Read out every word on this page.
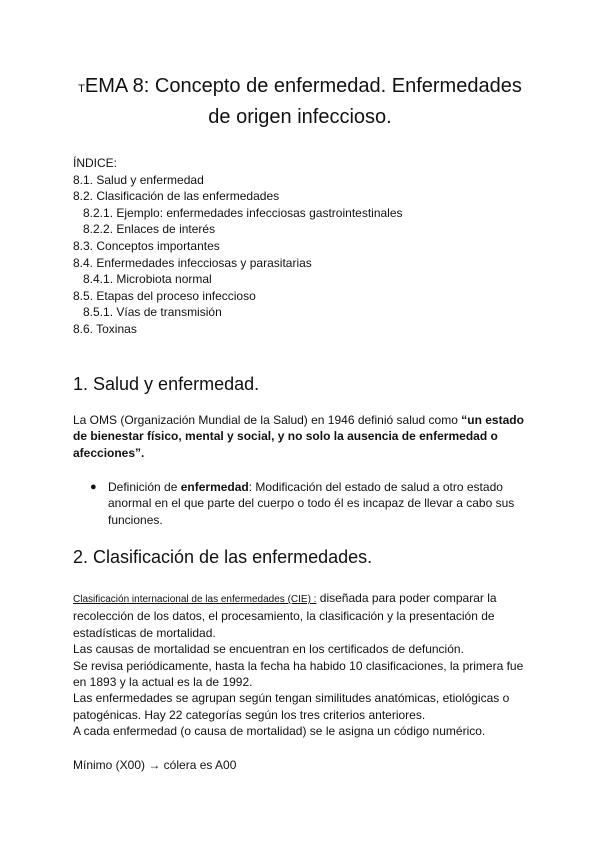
TEMA 8: Concepto de enfermedad. Enfermedades
de origen infeccioso.
ÍNDICE:
8.1. Salud y enfermedad
8.2. Clasificación de las enfermedades
8.2.1. Ejemplo: enfermedades infecciosas gastrointestinales
8.2.2. Enlaces de interés
8.3. Conceptos importantes
8.4. Enfermedades infecciosas y parasitarias
8.4.1. Microbiota normal
8.5. Etapas del proceso infeccioso
8.5.1. Vías de transmisión
8.6. Toxinas
1. Salud y enfermedad.
La OMS (Organización Mundial de la Salud) en 1946 definió salud como “un estado de bienestar físico, mental y social, y no solo la ausencia de enfermedad o afecciones”.
● Definición de enfermedad: Modificación del estado de salud a otro estado anormal en el que parte del cuerpo o todo él es incapaz de llevar a cabo sus funciones.
2. Clasificación de las enfermedades.
Clasificación internacional de las enfermedades (CIE) : diseñada para poder comparar la recolección de los datos, el procesamiento, la clasificación y la presentación de estadísticas de mortalidad.
Las causas de mortalidad se encuentran en los certificados de defunción.
Se revisa periódicamente, hasta la fecha ha habido 10 clasificaciones, la primera fue en 1893 y la actual es la de 1992.
Las enfermedades se agrupan según tengan similitudes anatómicas, etiológicas o patogénicas. Hay 22 categorías según los tres criterios anteriores.
A cada enfermedad (o causa de mortalidad) se le asigna un código numérico.
Mínimo (X00) → cólera es A00
